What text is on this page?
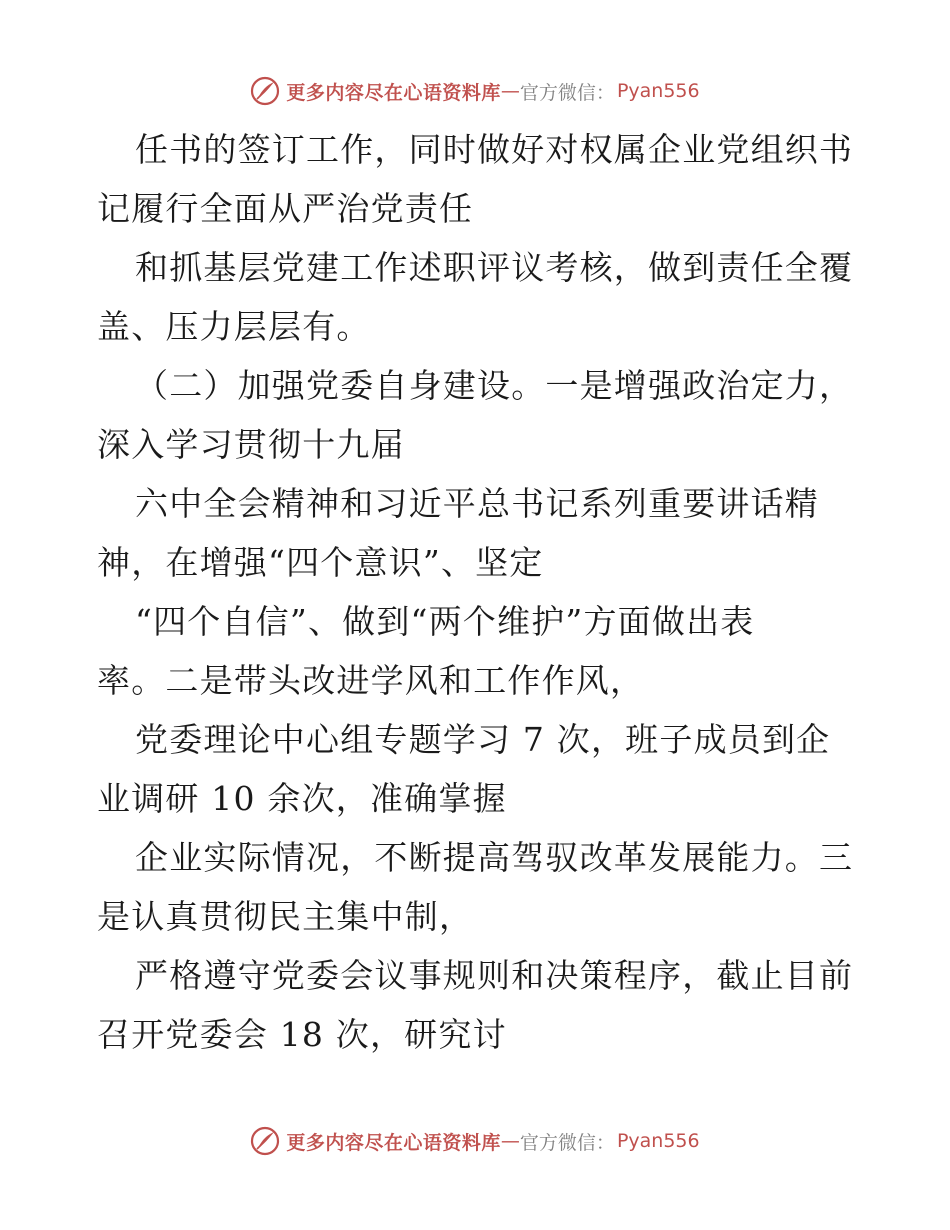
更多内容尽在心语资料库 — 官方微信： Pyan556

任书的签订工作，同时做好对权属企业党组织书

记履行全面从严治党责任

和抓基层党建工作述职评议考核，做到责任全覆

盖、压力层层有。

（二）加强党委自身建设。一是增强政治定力，

深入学习贯彻十九届

六中全会精神和习近平总书记系列重要讲话精

神，在增强“四个意识”、坚定

“四个自信”、做到“两个维护”方面做出表

率。二是带头改进学风和工作作风，

党委理论中心组专题学习 7 次，班子成员到企

业调研 10 余次，准确掌握

企业实际情况，不断提高驾驭改革发展能力。三

是认真贯彻民主集中制，

严格遵守党委会议事规则和决策程序，截止目前

召开党委会 18 次，研究讨

更多内容尽在心语资料库 — 官方微信： Pyan556
